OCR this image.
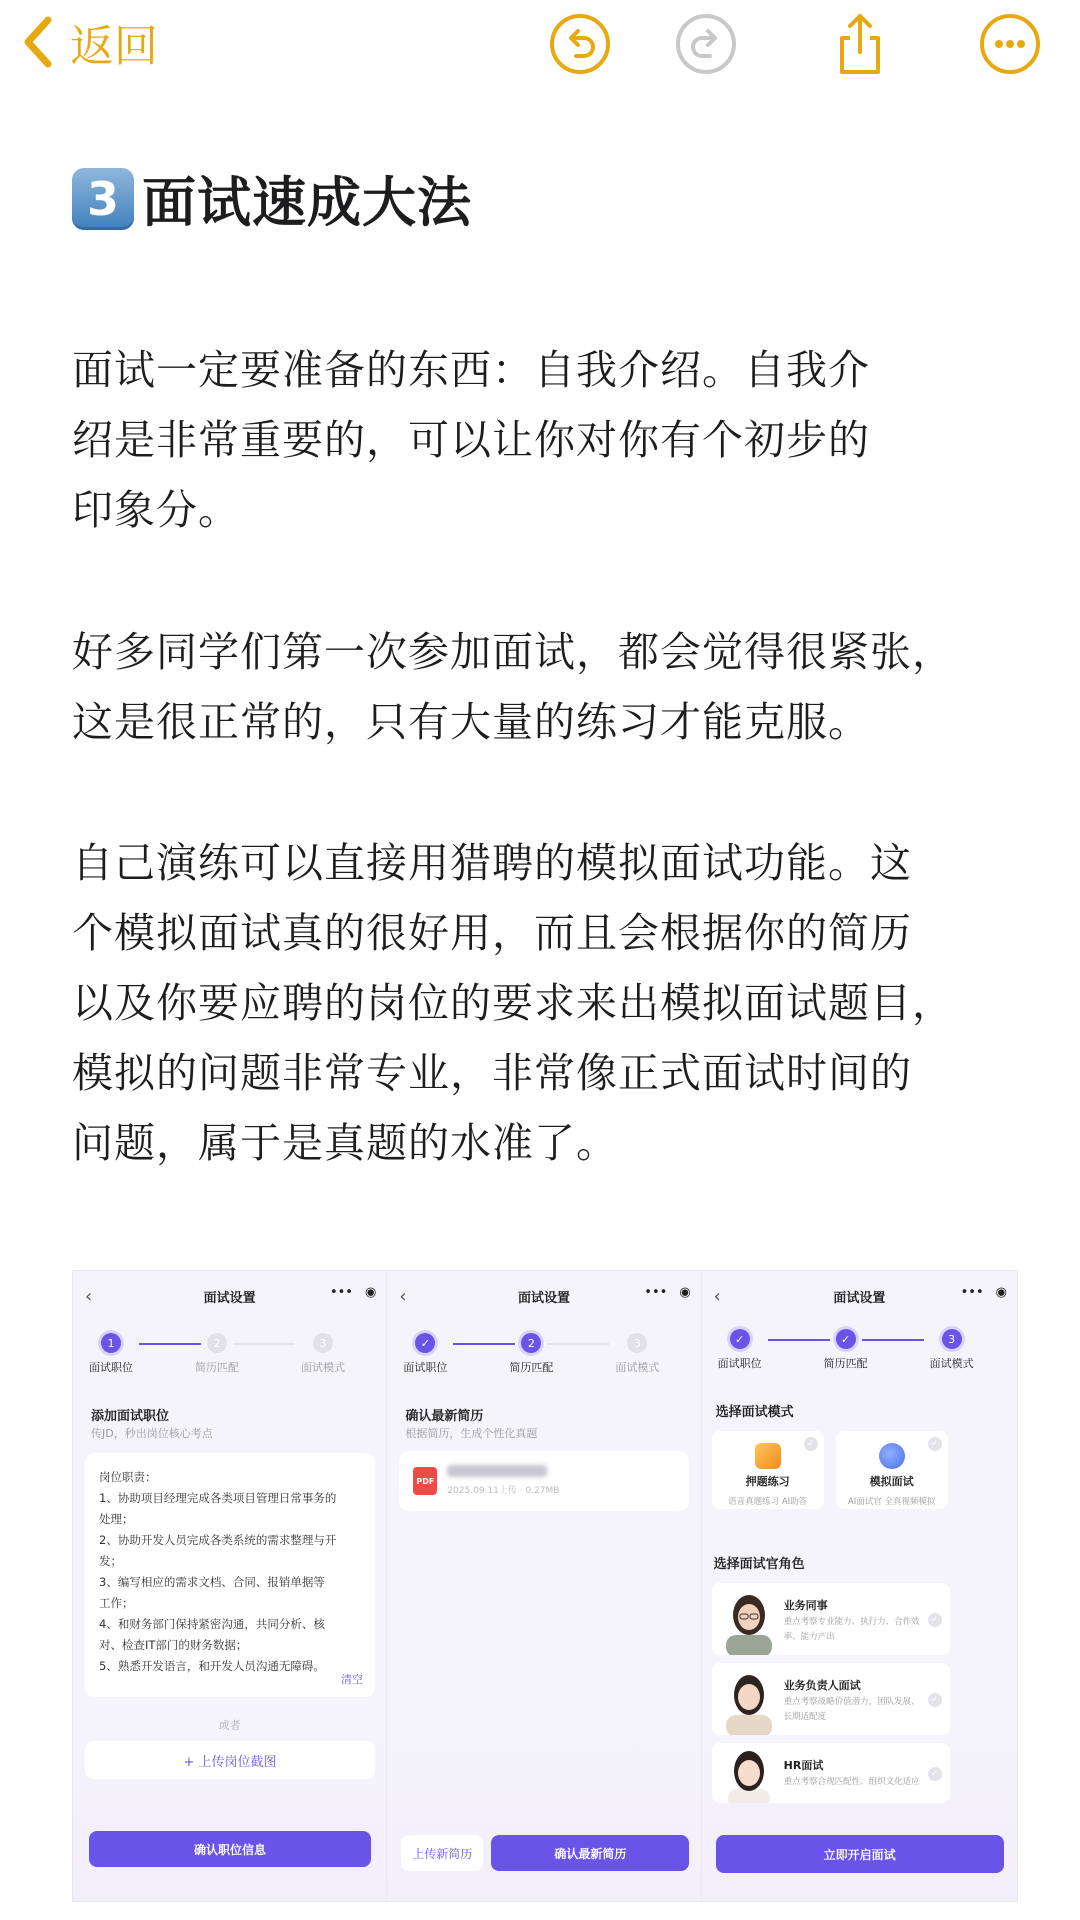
返回
3 面试速成大法
面试一定要准备的东西：自我介绍。自我介
绍是非常重要的，可以让你对你有个初步的
印象分。
好多同学们第一次参加面试，都会觉得很紧张，
这是很正常的，只有大量的练习才能克服。
自己演练可以直接用猎聘的模拟面试功能。这
个模拟面试真的很好用，而且会根据你的简历
以及你要应聘的岗位的要求来出模拟面试题目，
模拟的问题非常专业，非常像正式面试时间的
问题，属于是真题的水准了。
‹	面试设置	••• ◉
1
面试职位
2
简历匹配
3
面试模式
添加面试职位
传JD，秒出岗位核心考点
岗位职责：
1、协助项目经理完成各类项目管理日常事务的
处理；
2、协助开发人员完成各类系统的需求整理与开
发；
3、编写相应的需求文档、合同、报销单据等
工作；
4、和财务部门保持紧密沟通，共同分析、核
对、检查IT部门的财务数据；
5、熟悉开发语言，和开发人员沟通无障碍。
清空
或者
+ 上传岗位截图
确认职位信息
‹	面试设置	••• ◉
✓
面试职位
2
简历匹配
3
面试模式
确认最新简历
根据简历，生成个性化真题
PDF
2025.09.11上传 · 0.27MB
上传新简历	确认最新简历
‹	面试设置	••• ◉
✓
面试职位
✓
简历匹配
3
面试模式
选择面试模式
✓
押题练习
语音真题练习 AI助答
✓
模拟面试
AI面试官 全真视频模拟
选择面试官角色
业务同事
重点考察专业能力、执行力、合作效率、能力产出
✓
业务负责人面试
重点考察战略价值潜力，团队发展、长期适配度
✓
HR面试
重点考察合规匹配性、组织文化适应
✓
立即开启面试
